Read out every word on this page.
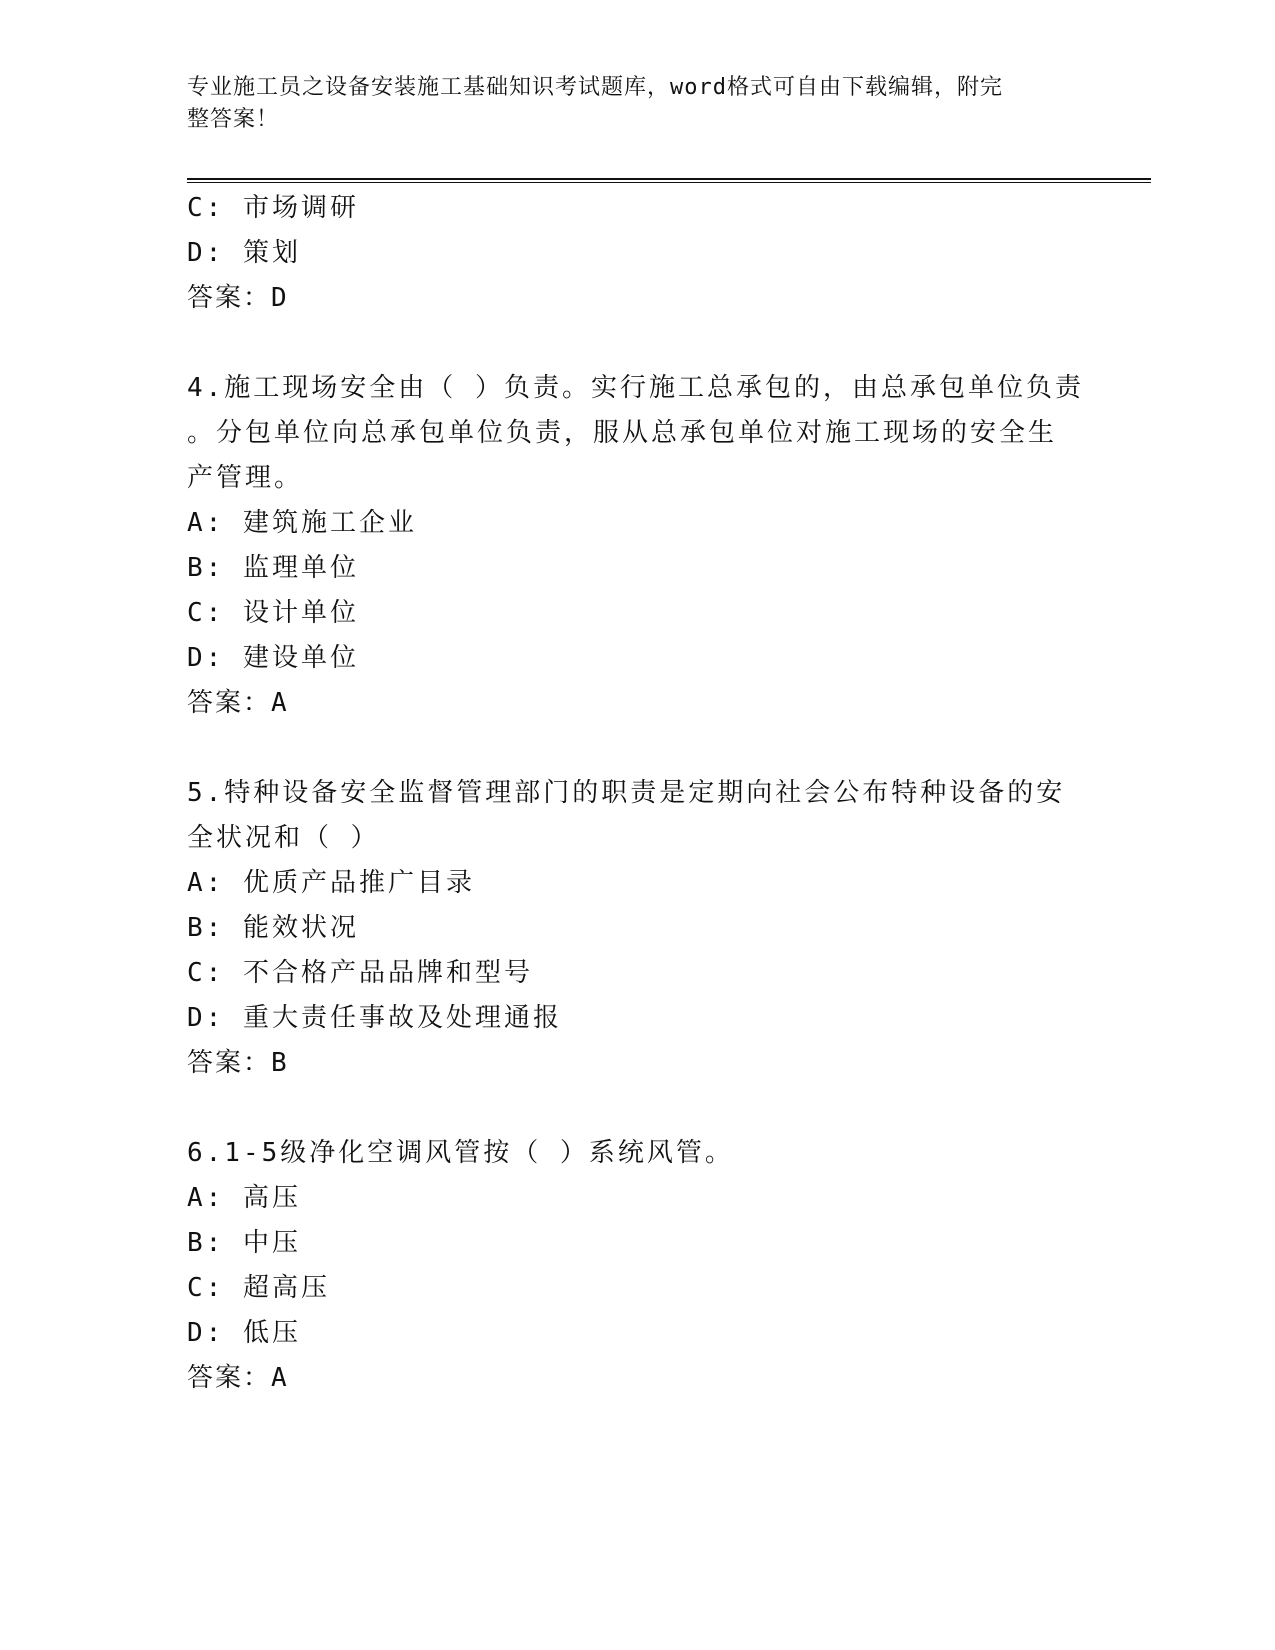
专业施工员之设备安装施工基础知识考试题库，word格式可自由下载编辑，附完
整答案！
C: 市场调研
D: 策划
答案：D
4.施工现场安全由（ ）负责。实行施工总承包的，由总承包单位负责
。分包单位向总承包单位负责，服从总承包单位对施工现场的安全生
产管理。
A: 建筑施工企业
B: 监理单位
C: 设计单位
D: 建设单位
答案：A
5.特种设备安全监督管理部门的职责是定期向社会公布特种设备的安
全状况和（ ）
A: 优质产品推广目录
B: 能效状况
C: 不合格产品品牌和型号
D: 重大责任事故及处理通报
答案：B
6.1-5级净化空调风管按（ ）系统风管。
A: 高压
B: 中压
C: 超高压
D: 低压
答案：A
